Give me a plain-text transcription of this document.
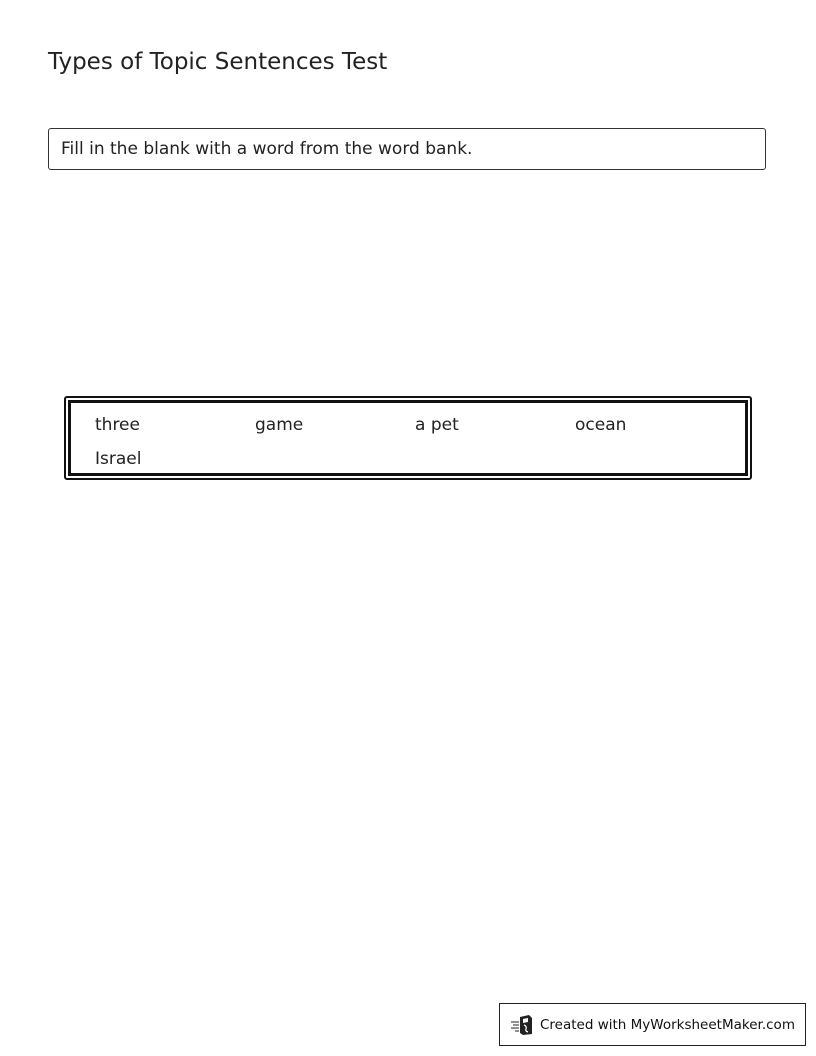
Types of Topic Sentences Test
Fill in the blank with a word from the word bank.
three	game	a pet	ocean
Israel
Created with MyWorksheetMaker.com
